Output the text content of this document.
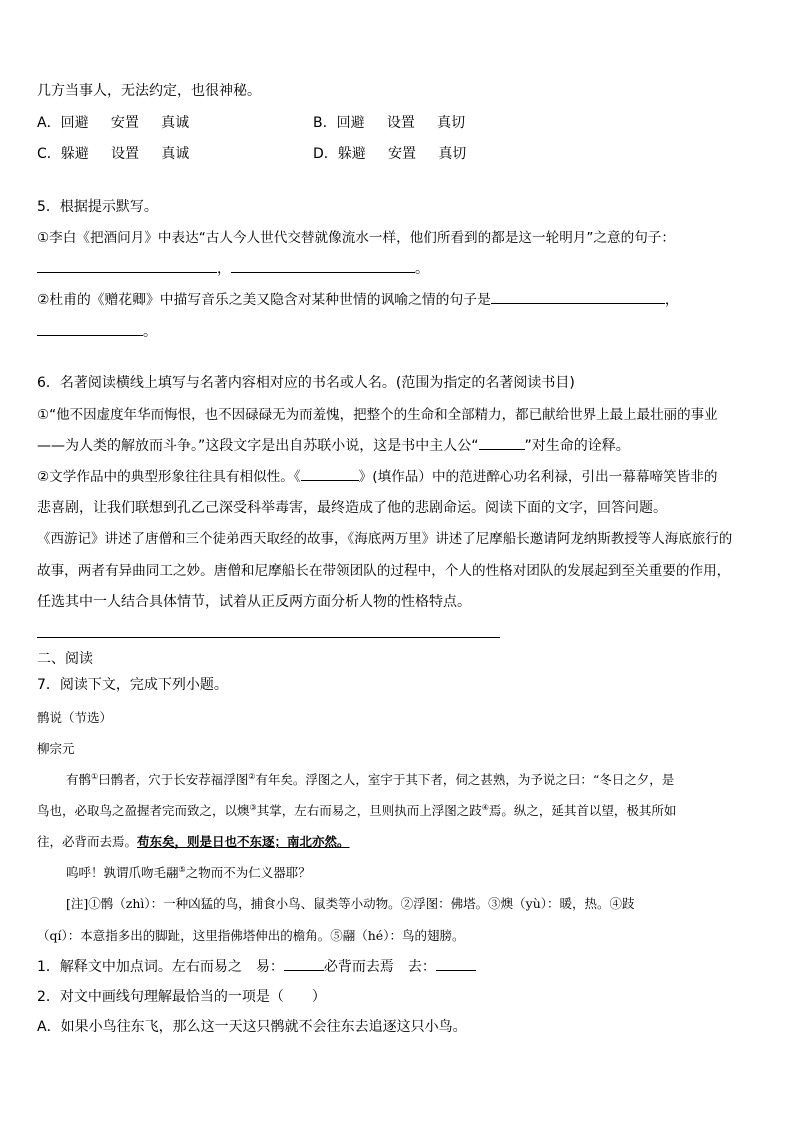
几方当事人，无法约定，也很神秘。
A．回避 安置 真诚	B．回避 设置 真切
C．躲避 设置 真诚	D．躲避 安置 真切
5．根据提示默写。
①李白《把酒问月》中表达“古人今人世代交替就像流水一样，他们所看到的都是这一轮明月”之意的句子：
，	。
②杜甫的《赠花卿》中描写音乐之美又隐含对某种世情的讽喻之情的句子是	，
。
6．名著阅读横线上填写与名著内容相对应的书名或人名。(范围为指定的名著阅读书目)
①“他不因虚度年华而悔恨，也不因碌碌无为而羞愧，把整个的生命和全部精力，都已献给世界上最上最壮丽的事业
——为人类的解放而斗争。”这段文字是出自苏联小说，这是书中主人公“	”对生命的诠释。
②文学作品中的典型形象往往具有相似性。《	》(填作品）中的范进醉心功名利禄，引出一幕幕啼笑皆非的
悲喜剧，让我们联想到孔乙己深受科举毒害，最终造成了他的悲剧命运。阅读下面的文字，回答问题。
《西游记》讲述了唐僧和三个徒弟西天取经的故事，《海底两万里》讲述了尼摩船长邀请阿龙纳斯教授等人海底旅行的
故事，两者有异曲同工之妙。唐僧和尼摩船长在带领团队的过程中，个人的性格对团队的发展起到至关重要的作用，
任选其中一人结合具体情节，试着从正反两方面分析人物的性格特点。
二、阅读
7．阅读下文，完成下列小题。
鹘说（节选）
柳宗元
有鹘①曰鹘者，穴于长安荐福浮图②有年矣。浮图之人，室宇于其下者，伺之甚熟，为予说之曰：“冬日之夕，是
鸟也，必取鸟之盈握者完而致之，以燠③其掌，左右而易之，旦则执而上浮图之跂④焉。纵之，延其首以望，极其所如
往，必背而去焉。苟东矣，则是日也不东逐；南北亦然。
呜呼！孰谓爪吻毛翮⑤之物而不为仁义器耶？
[注]①鹘（zhì）：一种凶猛的鸟，捕食小鸟、鼠类等小动物。②浮图：佛塔。③燠（yù）：暖，热。④跂
（qí）：本意指多出的脚趾，这里指佛塔伸出的檐角。⑤翮（hé）：鸟的翅膀。
1．解释文中加点词。左右而易之　易：	必背而去焉　去：
2．对文中画线句理解最恰当的一项是（　　）
A．如果小鸟往东飞，那么这一天这只鹘就不会往东去追逐这只小鸟。
